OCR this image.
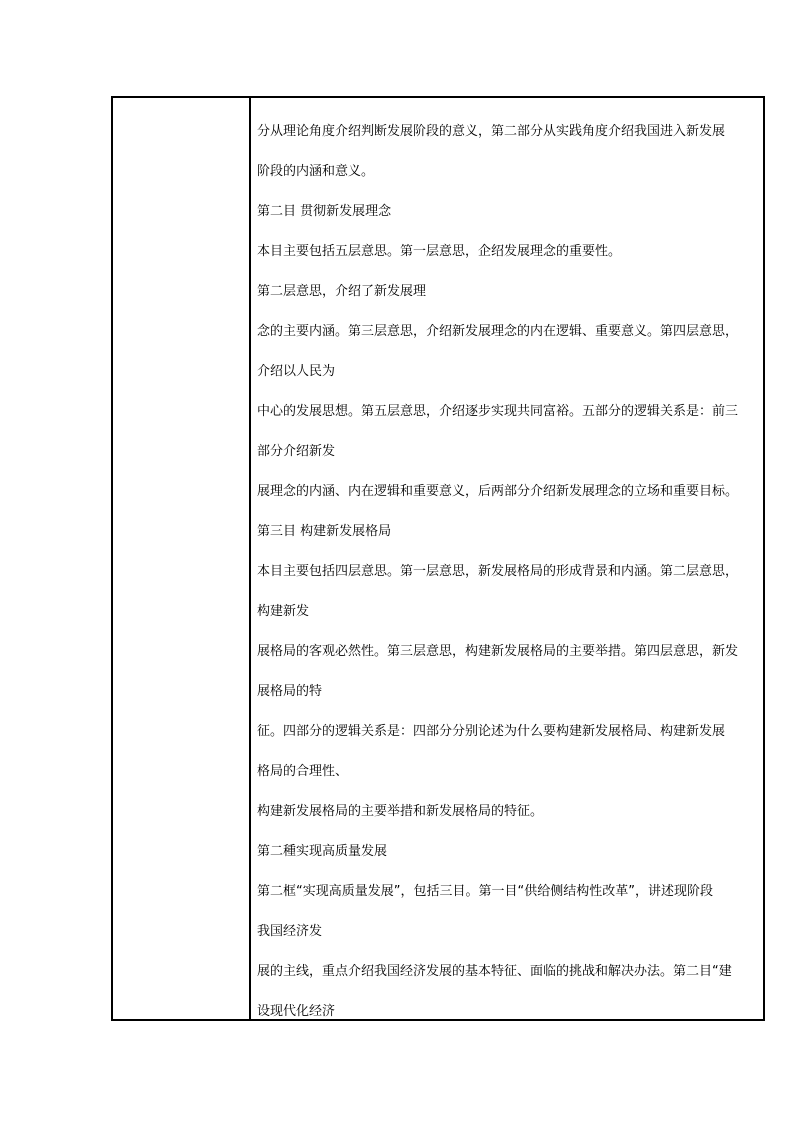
分从理论角度介绍判断发展阶段的意义，第二部分从实践角度介绍我国进入新发展
阶段的内涵和意义。
第二目 贯彻新发展理念
本目主要包括五层意思。第一层意思，企绍发展理念的重要性。
第二层意思，介绍了新发展理
念的主要内涵。第三层意思，介绍新发展理念的内在逻辑、重要意义。第四层意思，
介绍以人民为
中心的发展思想。第五层意思，介绍逐步实现共同富裕。五部分的逻辑关系是：前三
部分介绍新发
展理念的内涵、内在逻辑和重要意义，后两部分介绍新发展理念的立场和重要目标。
第三目 构建新发展格局
本目主要包括四层意思。第一层意思，新发展格局的形成背景和内涵。第二层意思，
构建新发
展格局的客观必然性。第三层意思，构建新发展格局的主要举措。第四层意思，新发
展格局的特
征。四部分的逻辑关系是：四部分分别论述为什么要构建新发展格局、构建新发展
格局的合理性、
构建新发展格局的主要举措和新发展格局的特征。
第二種实现高质量发展
第二框“实现高质量发展”，包括三目。第一目“供给侧结构性改革”，讲述现阶段
我国经济发
展的主线，重点介绍我国经济发展的基本特征、面临的挑战和解决办法。第二目“建
设现代化经济
